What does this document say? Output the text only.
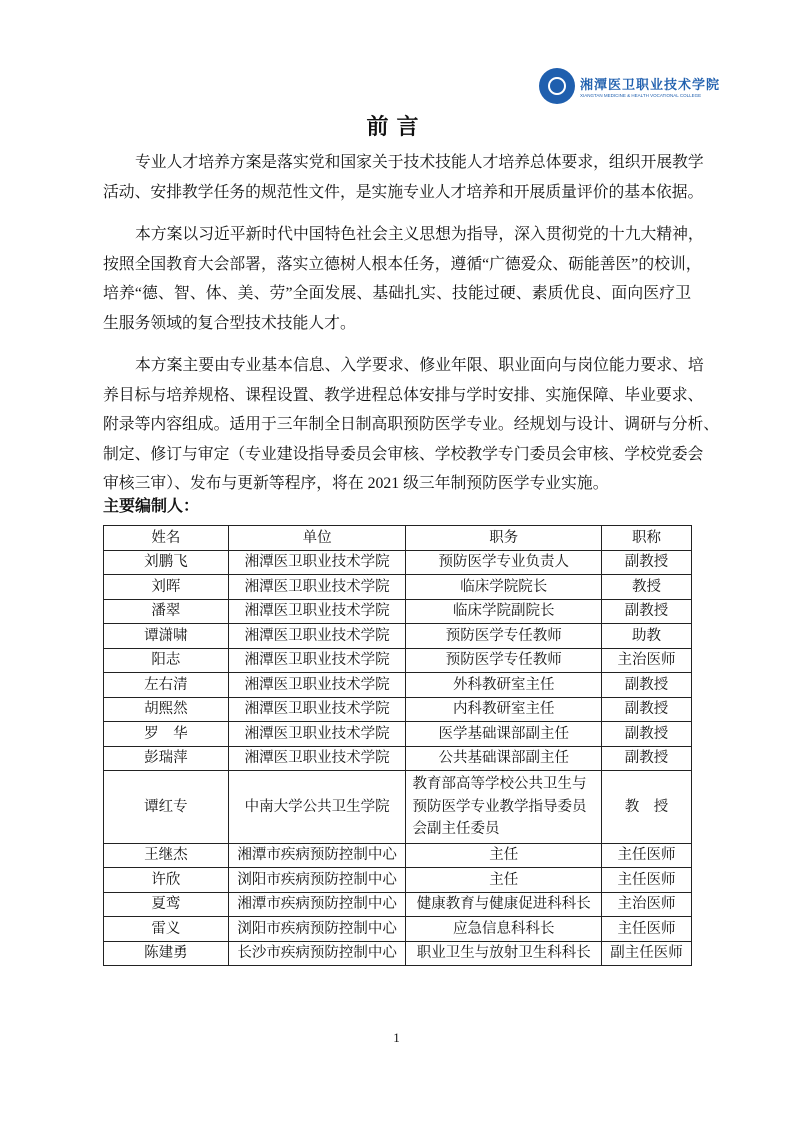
湘潭医卫职业技术学院
XIANGTAN MEDICINE & HEALTH VOCATIONAL COLLEGE
前言
专业人才培养方案是落实党和国家关于技术技能人才培养总体要求，组织开展教学
活动、安排教学任务的规范性文件，是实施专业人才培养和开展质量评价的基本依据。
本方案以习近平新时代中国特色社会主义思想为指导，深入贯彻党的十九大精神，
按照全国教育大会部署，落实立德树人根本任务，遵循“广德爱众、砺能善医”的校训，
培养“德、智、体、美、劳”全面发展、基础扎实、技能过硬、素质优良、面向医疗卫
生服务领域的复合型技术技能人才。
本方案主要由专业基本信息、入学要求、修业年限、职业面向与岗位能力要求、培
养目标与培养规格、课程设置、教学进程总体安排与学时安排、实施保障、毕业要求、
附录等内容组成。适用于三年制全日制高职预防医学专业。经规划与设计、调研与分析、
制定、修订与审定（专业建设指导委员会审核、学校教学专门委员会审核、学校党委会
审核三审）、发布与更新等程序，将在 2021 级三年制预防医学专业实施。
主要编制人：
姓名	单位	职务	职称
刘鹏飞	湘潭医卫职业技术学院	预防医学专业负责人	副教授
刘晖	湘潭医卫职业技术学院	临床学院院长	教授
潘翠	湘潭医卫职业技术学院	临床学院副院长	副教授
谭潇啸	湘潭医卫职业技术学院	预防医学专任教师	助教
阳志	湘潭医卫职业技术学院	预防医学专任教师	主治医师
左右清	湘潭医卫职业技术学院	外科教研室主任	副教授
胡熙然	湘潭医卫职业技术学院	内科教研室主任	副教授
罗　华	湘潭医卫职业技术学院	医学基础课部副主任	副教授
彭瑞萍	湘潭医卫职业技术学院	公共基础课部副主任	副教授
谭红专	中南大学公共卫生学院	教育部高等学校公共卫生与预防医学专业教学指导委员会副主任委员	教　授
王继杰	湘潭市疾病预防控制中心	主任	主任医师
许欣	浏阳市疾病预防控制中心	主任	主任医师
夏鸾	湘潭市疾病预防控制中心	健康教育与健康促进科科长	主治医师
雷义	浏阳市疾病预防控制中心	应急信息科科长	主任医师
陈建勇	长沙市疾病预防控制中心	职业卫生与放射卫生科科长	副主任医师
1
